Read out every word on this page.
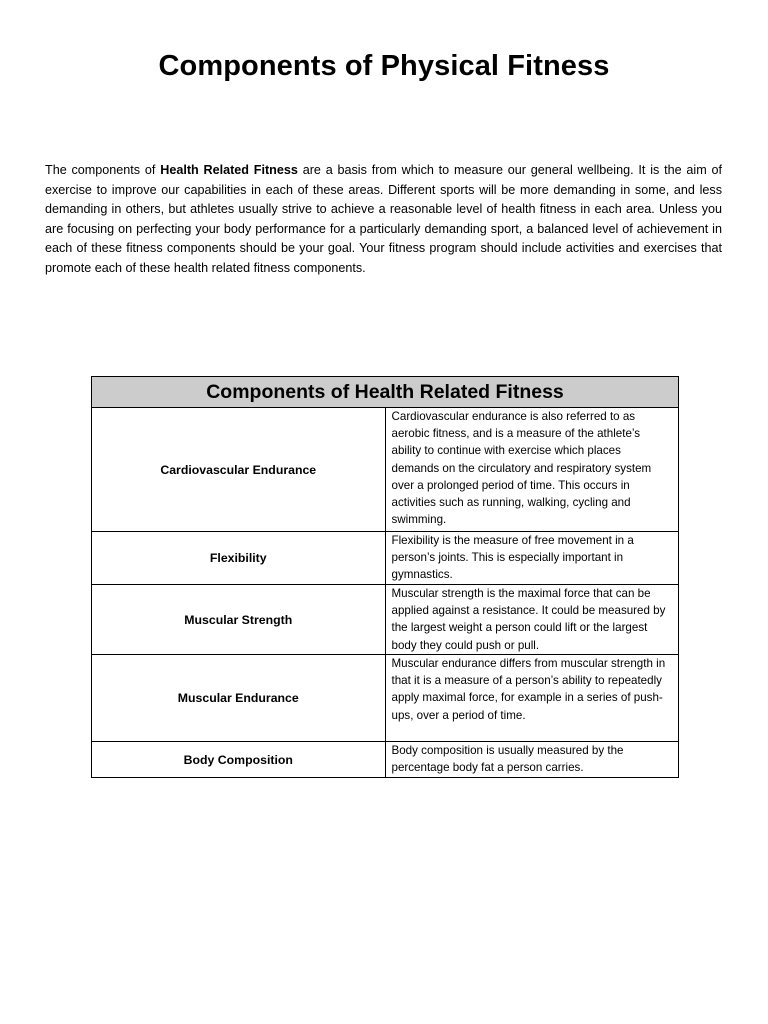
Components of Physical Fitness

The components of Health Related Fitness are a basis from which to measure our general wellbeing. It is the aim of exercise to improve our capabilities in each of these areas. Different sports will be more demanding in some, and less demanding in others, but athletes usually strive to achieve a reasonable level of health fitness in each area. Unless you are focusing on perfecting your body performance for a particularly demanding sport, a balanced level of achievement in each of these fitness components should be your goal. Your fitness program should include activities and exercises that promote each of these health related fitness components.

Components of Health Related Fitness	
Cardiovascular Endurance	Cardiovascular endurance is also referred to as aerobic fitness, and is a measure of the athlete’s ability to continue with exercise which places demands on the circulatory and respiratory system over a prolonged period of time. This occurs in activities such as running, walking, cycling and swimming.
Flexibility	Flexibility is the measure of free movement in a person’s joints. This is especially important in gymnastics.
Muscular Strength	Muscular strength is the maximal force that can be applied against a resistance. It could be measured by the largest weight a person could lift or the largest body they could push or pull.
Muscular Endurance	Muscular endurance differs from muscular strength in that it is a measure of a person’s ability to repeatedly apply maximal force, for example in a series of push-ups, over a period of time.
Body Composition	Body composition is usually measured by the percentage body fat a person carries.
